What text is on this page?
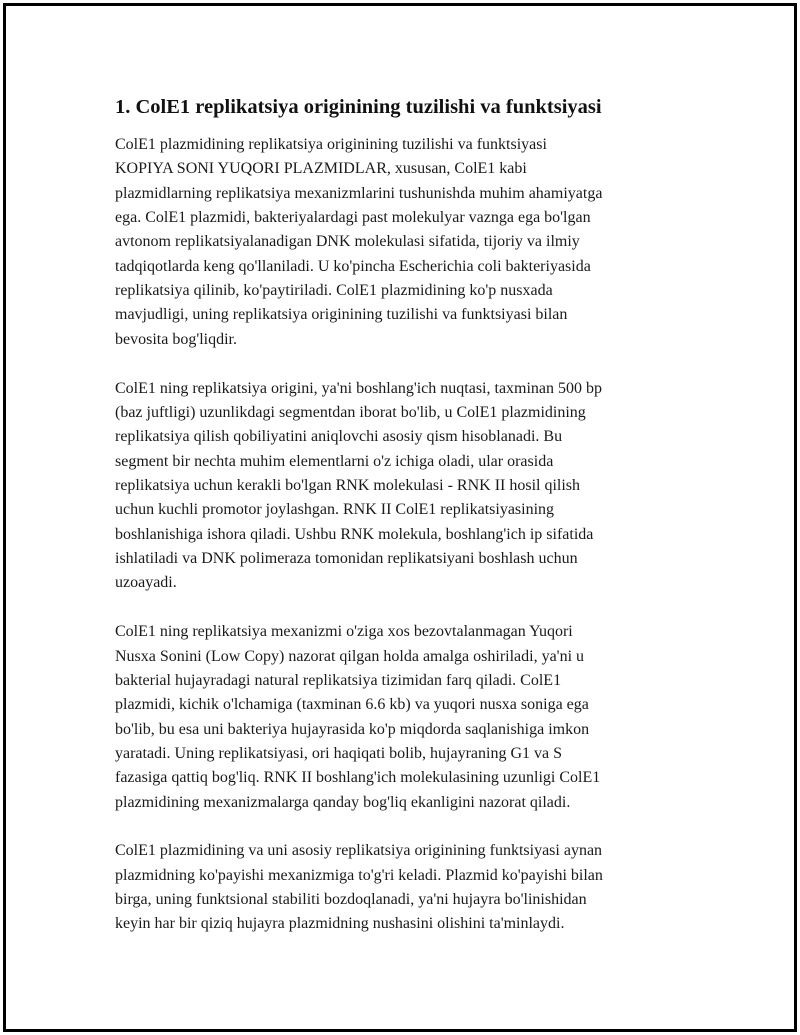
1. ColE1 replikatsiya originining tuzilishi va funktsiyasi
ColE1 plazmidining replikatsiya originining tuzilishi va funktsiyasi
KOPIYA SONI YUQORI PLAZMIDLAR, xususan, ColE1 kabi
plazmidlarning replikatsiya mexanizmlarini tushunishda muhim ahamiyatga
ega. ColE1 plazmidi, bakteriyalardagi past molekulyar vaznga ega bo'lgan
avtonom replikatsiyalanadigan DNK molekulasi sifatida, tijoriy va ilmiy
tadqiqotlarda keng qo'llaniladi. U ko'pincha Escherichia coli bakteriyasida
replikatsiya qilinib, ko'paytiriladi. ColE1 plazmidining ko'p nusxada
mavjudligi, uning replikatsiya originining tuzilishi va funktsiyasi bilan
bevosita bog'liqdir.
ColE1 ning replikatsiya origini, ya'ni boshlang'ich nuqtasi, taxminan 500 bp
(baz juftligi) uzunlikdagi segmentdan iborat bo'lib, u ColE1 plazmidining
replikatsiya qilish qobiliyatini aniqlovchi asosiy qism hisoblanadi. Bu
segment bir nechta muhim elementlarni o'z ichiga oladi, ular orasida
replikatsiya uchun kerakli bo'lgan RNK molekulasi - RNK II hosil qilish
uchun kuchli promotor joylashgan. RNK II ColE1 replikatsiyasining
boshlanishiga ishora qiladi. Ushbu RNK molekula, boshlang'ich ip sifatida
ishlatiladi va DNK polimeraza tomonidan replikatsiyani boshlash uchun
uzoayadi.
ColE1 ning replikatsiya mexanizmi o'ziga xos bezovtalanmagan Yuqori
Nusxa Sonini (Low Copy) nazorat qilgan holda amalga oshiriladi, ya'ni u
bakterial hujayradagi natural replikatsiya tizimidan farq qiladi. ColE1
plazmidi, kichik o'lchamiga (taxminan 6.6 kb) va yuqori nusxa soniga ega
bo'lib, bu esa uni bakteriya hujayrasida ko'p miqdorda saqlanishiga imkon
yaratadi. Uning replikatsiyasi, ori haqiqati bolib, hujayraning G1 va S
fazasiga qattiq bog'liq. RNK II boshlang'ich molekulasining uzunligi ColE1
plazmidining mexanizmalarga qanday bog'liq ekanligini nazorat qiladi.
ColE1 plazmidining va uni asosiy replikatsiya originining funktsiyasi aynan
plazmidning ko'payishi mexanizmiga to'g'ri keladi. Plazmid ko'payishi bilan
birga, uning funktsional stabiliti bozdoqlanadi, ya'ni hujayra bo'linishidan
keyin har bir qiziq hujayra plazmidning nushasini olishini ta'minlaydi.
